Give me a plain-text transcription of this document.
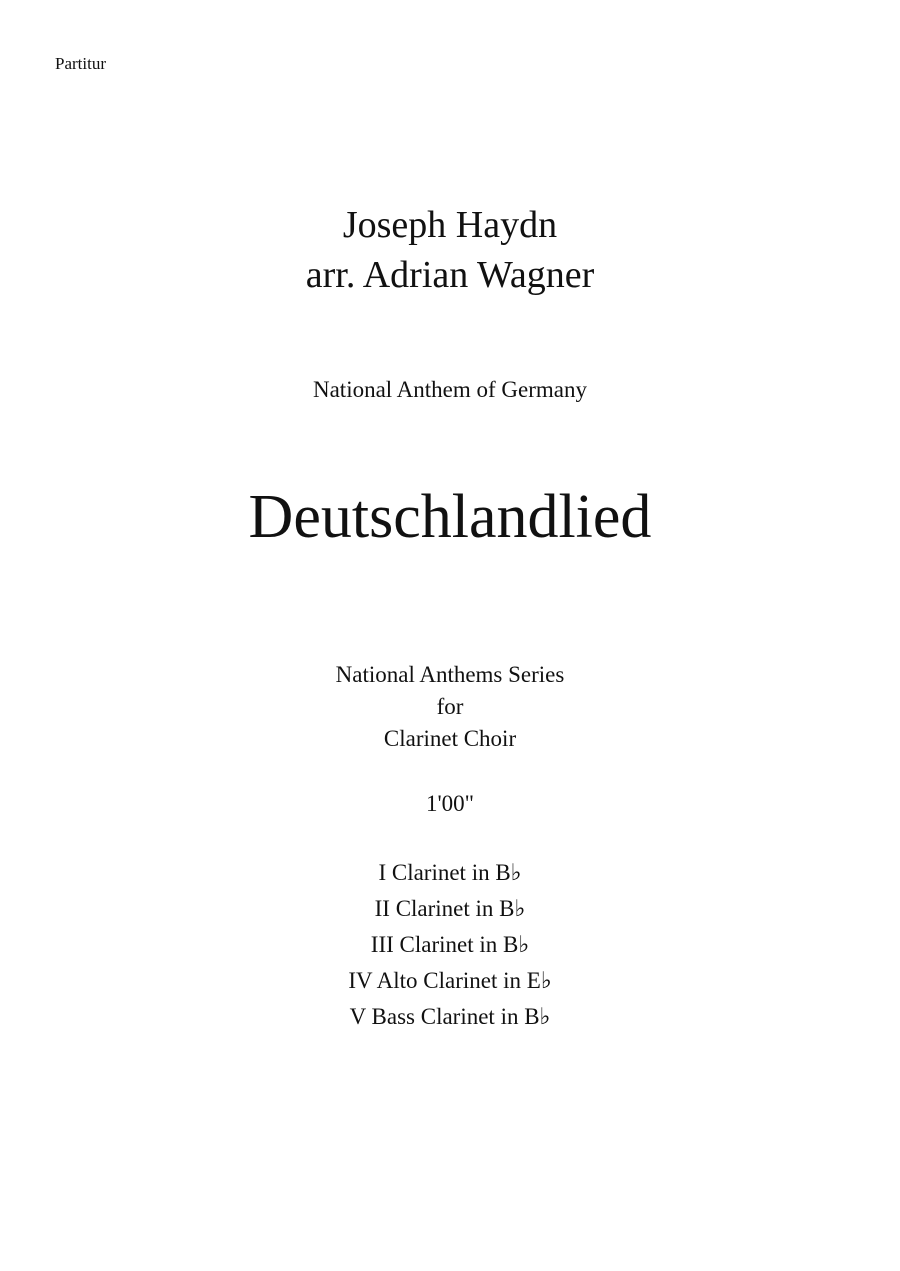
Partitur
Joseph Haydn
arr. Adrian Wagner
National Anthem of Germany
Deutschlandlied
National Anthems Series
for
Clarinet Choir
1'00"
I Clarinet in B♭
II Clarinet in B♭
III Clarinet in B♭
IV Alto Clarinet in E♭
V Bass Clarinet in B♭
